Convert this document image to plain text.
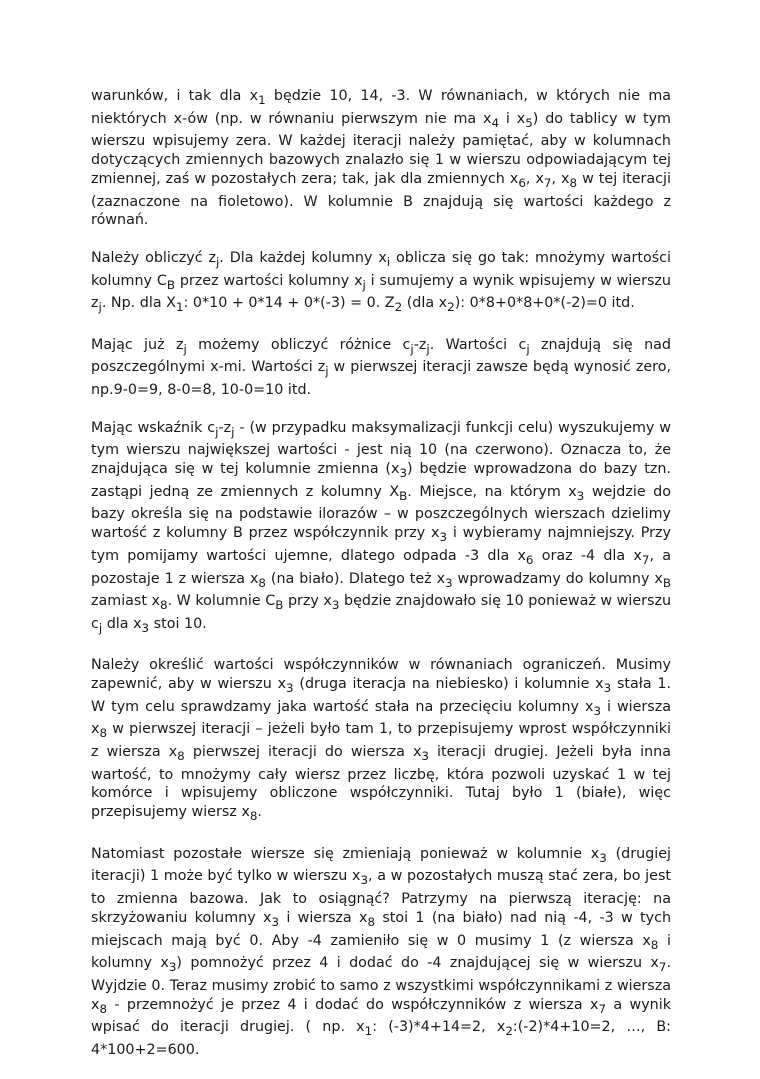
warunków, i tak dla $x_1$ będzie 10, 14, -3. W równaniach, w których nie ma niektórych x-ów (np. w równaniu pierwszym nie ma $x_4$ i $x_5$) do tablicy w tym wierszu wpisujemy zera. W każdej iteracji należy pamiętać, aby w kolumnach dotyczących zmiennych bazowych znalazło się 1 w wierszu odpowiadającym tej zmiennej, zaś w pozostałych zera; tak, jak dla zmiennych $x_6$, $x_7$, $x_8$ w tej iteracji (zaznaczone na fioletowo). W kolumnie B znajdują się wartości każdego z równań.

Należy obliczyć $z_j$. Dla każdej kolumny $x_i$ oblicza się go tak: mnożymy wartości kolumny $C_B$ przez wartości kolumny $x_j$ i sumujemy a wynik wpisujemy w wierszu $z_j$. Np. dla $X_1$: 0*10 + 0*14 + 0*(-3) = 0. $Z_2$ (dla $x_2$): 0*8+0*8+0*(-2)=0 itd.

Mając już $z_j$ możemy obliczyć różnice $c_j-z_j$. Wartości $c_j$ znajdują się nad poszczególnymi x-mi. Wartości $z_j$ w pierwszej iteracji zawsze będą wynosić zero, np.9-0=9, 8-0=8, 10-0=10 itd.

Mając wskaźnik $c_j-z_j - (w$ przypadku maksymalizacji funkcji celu) wyszukujemy w tym wierszu największej wartości - jest nią 10 (na czerwono). Oznacza to, że znajdująca się w tej kolumnie zmienna $(x_3)$ będzie wprowadzona do bazy tzn. zastąpi jedną ze zmiennych z kolumny $X_B$. Miejsce, na którym $x_3$ wejdzie do bazy określa się na podstawie ilorazów – w poszczególnych wierszach dzielimy wartość z kolumny B przez współczynnik przy $x_3$ i wybieramy najmniejszy. Przy tym pomijamy wartości ujemne, dlatego odpada -3 dla $x_6$ oraz -4 dla $x_7$, a pozostaje 1 z wiersza $x_8$ (na biało). Dlatego też $x_3$ wprowadzamy do kolumny $x_B$ zamiast $x_8$. W kolumnie $C_B$ przy $x_3$ będzie znajdowało się 10 ponieważ w wierszu $c_j$ dla $x_3$ stoi 10.

Należy określić wartości współczynników w równaniach ograniczeń. Musimy zapewnić, aby w wierszu $x_3$ (druga iteracja na niebiesko) i kolumnie $x_3$ stała 1. W tym celu sprawdzamy jaka wartość stała na przecięciu kolumny $x_3$ i wiersza $x_8$ w pierwszej iteracji – jeżeli było tam 1, to przepisujemy wprost współczynniki z wiersza $x_8$ pierwszej iteracji do wiersza $x_3$ iteracji drugiej. Jeżeli była inna wartość, to mnożymy cały wiersz przez liczbę, która pozwoli uzyskać 1 w tej komórce i wpisujemy obliczone współczynniki. Tutaj było 1 (białe), więc przepisujemy wiersz $x_8$.

Natomiast pozostałe wiersze się zmieniają ponieważ w kolumnie $x_3$ (drugiej iteracji) 1 może być tylko w wierszu $x_3$, a w pozostałych muszą stać zera, bo jest to zmienna bazowa. Jak to osiągnąć? Patrzymy na pierwszą iterację: na skrzyżowaniu kolumny $x_3$ i wiersza $x_8$ stoi 1 (na biało) nad nią -4, -3 w tych miejscach mają być 0. Aby -4 zamieniło się w 0 musimy 1 (z wiersza $x_8$ i kolumny $x_3$) pomnożyć przez 4 i dodać do -4 znajdującej się w wierszu $x_7$. Wyjdzie 0. Teraz musimy zrobić to samo z wszystkimi współczynnikami z wiersza $x_8$ - przemnożyć je przez 4 i dodać do współczynników z wiersza $x_7$ a wynik wpisać do iteracji drugiej. ( np. $x_1$: (-3)*4+14=2, $x_2:(-2)*4+10=2$, …, B: 4*100+2=600.
